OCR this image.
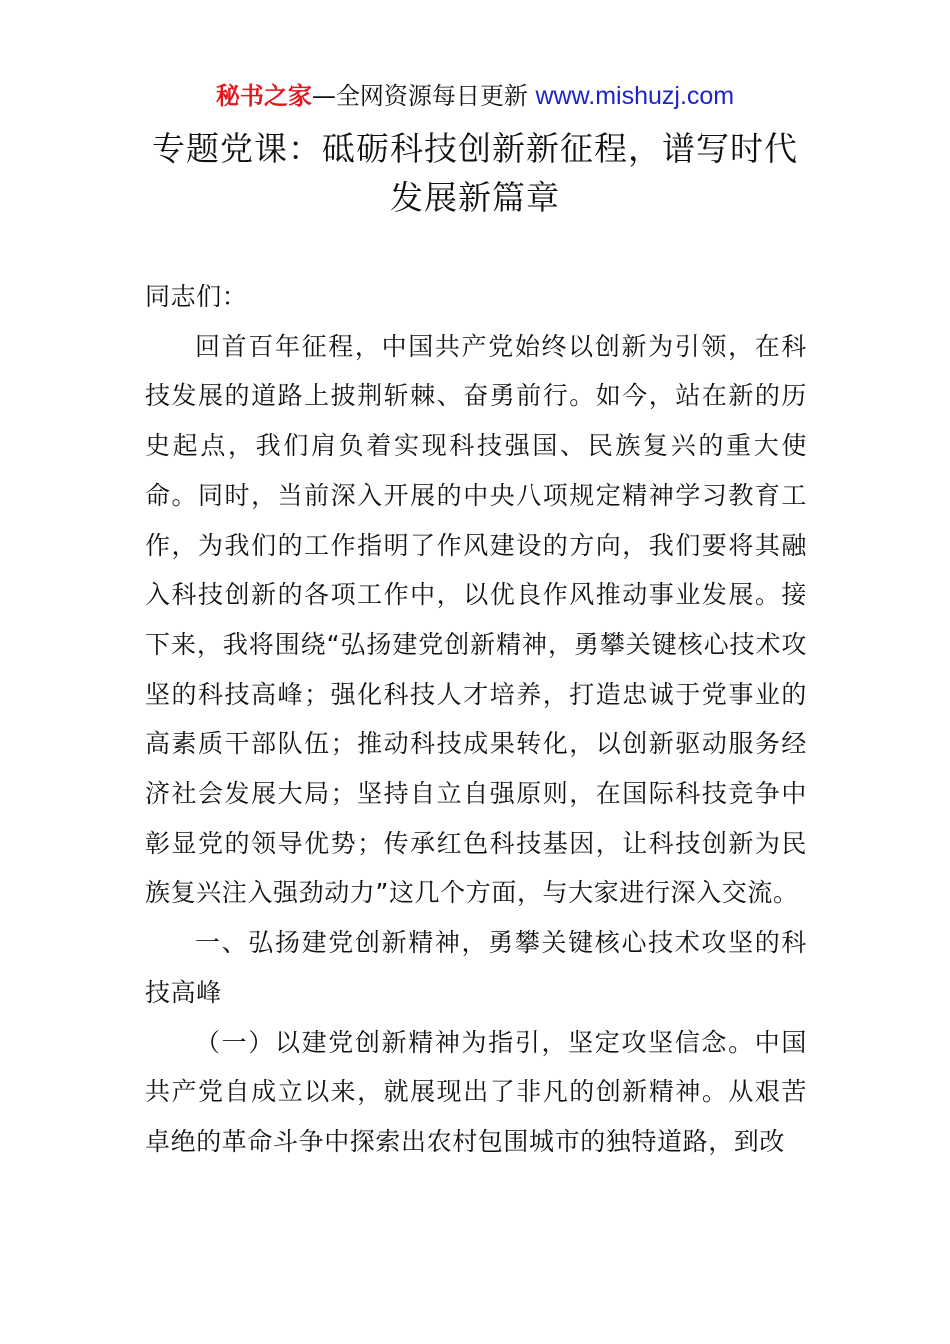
秘书之家—全网资源每日更新 www.mishuzj.com
专题党课：砥砺科技创新新征程，谱写时代发展新篇章

同志们：

回首百年征程，中国共产党始终以创新为引领，在科技发展的道路上披荆斩棘、奋勇前行。如今，站在新的历史起点，我们肩负着实现科技强国、民族复兴的重大使命。同时，当前深入开展的中央八项规定精神学习教育工作，为我们的工作指明了作风建设的方向，我们要将其融入科技创新的各项工作中，以优良作风推动事业发展。接下来，我将围绕“弘扬建党创新精神，勇攀关键核心技术攻坚的科技高峰；强化科技人才培养，打造忠诚于党事业的高素质干部队伍；推动科技成果转化，以创新驱动服务经济社会发展大局；坚持自立自强原则，在国际科技竞争中彰显党的领导优势；传承红色科技基因，让科技创新为民族复兴注入强劲动力”这几个方面，与大家进行深入交流。

一、弘扬建党创新精神，勇攀关键核心技术攻坚的科技高峰

（一）以建党创新精神为指引，坚定攻坚信念。中国共产党自成立以来，就展现出了非凡的创新精神。从艰苦卓绝的革命斗争中探索出农村包围城市的独特道路，到改
